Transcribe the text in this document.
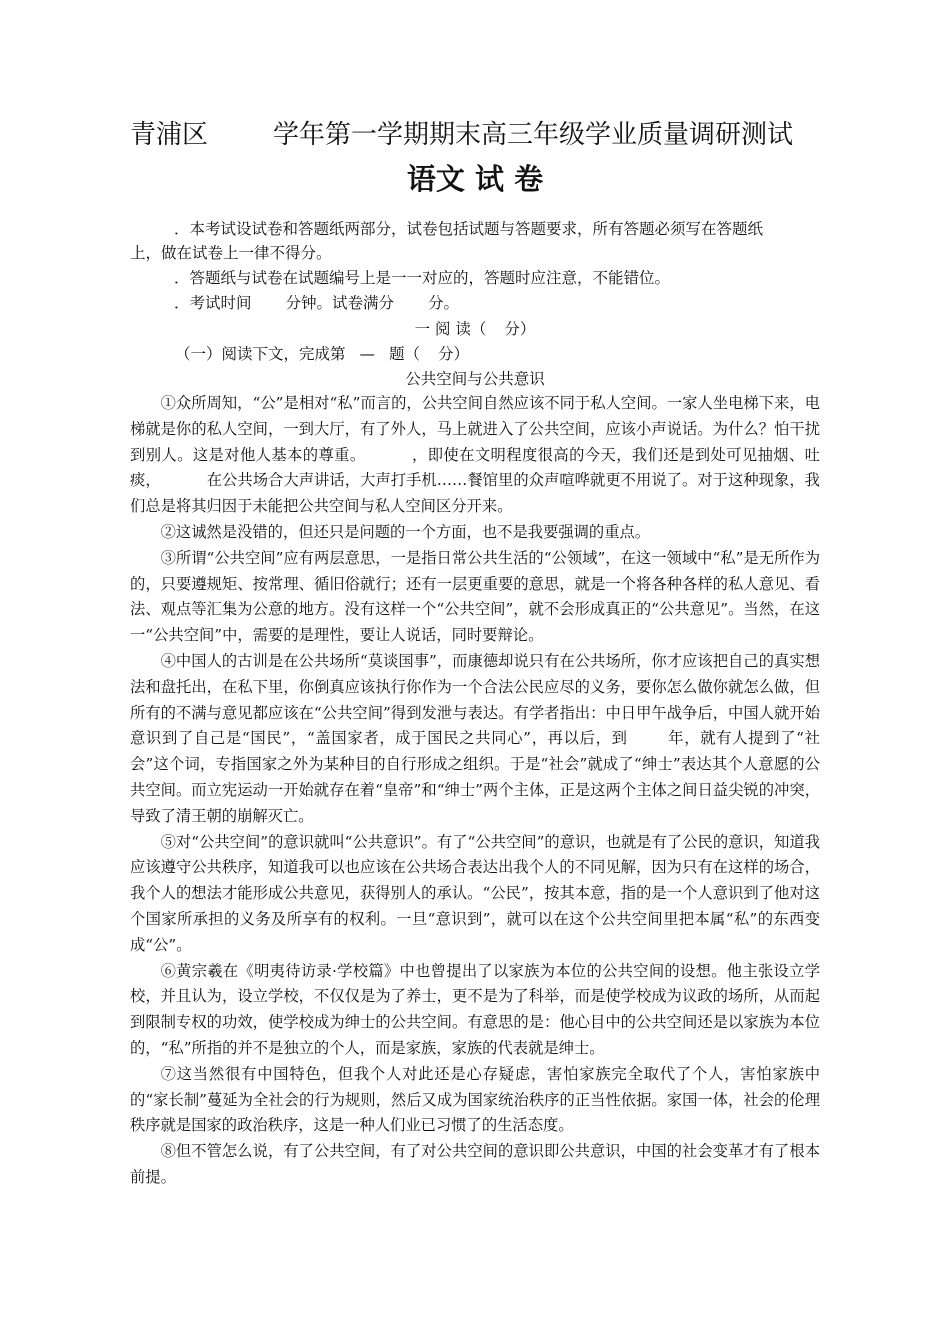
青浦区 学年第一学期期末高三年级学业质量调研测试
语文 试 卷
．本考试设试卷和答题纸两部分，试卷包括试题与答题要求，所有答题必须写在答题纸
上，做在试卷上一律不得分。
．答题纸与试卷在试题编号上是一一对应的，答题时应注意，不能错位。
．考试时间 分钟。试卷满分 分。
一 阅 读（ 分）
（一）阅读下文，完成第 — 题（ 分）
公共空间与公共意识

①众所周知，“公”是相对“私”而言的，公共空间自然应该不同于私人空间。一家人坐电梯下来，电梯就是你的私人空间，一到大厅，有了外人，马上就进入了公共空间，应该小声说话。为什么？怕干扰到别人。这是对他人基本的尊重。	，即使在文明程度很高的今天，我们还是到处可见抽烟、吐痰，	在公共场合大声讲话，大声打手机……餐馆里的众声喧哗就更不用说了。对于这种现象，我们总是将其归因于未能把公共空间与私人空间区分开来。

②这诚然是没错的，但还只是问题的一个方面，也不是我要强调的重点。

③所谓“公共空间”应有两层意思，一是指日常公共生活的“公领域”，在这一领域中“私”是无所作为的，只要遵规矩、按常理、循旧俗就行；还有一层更重要的意思，就是一个将各种各样的私人意见、看法、观点等汇集为公意的地方。没有这样一个“公共空间”，就不会形成真正的“公共意见”。当然，在这一“公共空间”中，需要的是理性，要让人说话，同时要辩论。

④中国人的古训是在公共场所“莫谈国事”，而康德却说只有在公共场所，你才应该把自己的真实想法和盘托出，在私下里，你倒真应该执行你作为一个合法公民应尽的义务，要你怎么做你就怎么做，但所有的不满与意见都应该在“公共空间”得到发泄与表达。有学者指出：中日甲午战争后，中国人就开始意识到了自己是“国民”，“盖国家者，成于国民之共同心”，再以后，到	年，就有人提到了“社会”这个词，专指国家之外为某种目的自行形成之组织。于是“社会”就成了“绅士”表达其个人意愿的公共空间。而立宪运动一开始就存在着“皇帝”和“绅士”两个主体，正是这两个主体之间日益尖锐的冲突，导致了清王朝的崩解灭亡。

⑤对“公共空间”的意识就叫“公共意识”。有了“公共空间”的意识，也就是有了公民的意识，知道我应该遵守公共秩序，知道我可以也应该在公共场合表达出我个人的不同见解，因为只有在这样的场合，我个人的想法才能形成公共意见，获得别人的承认。“公民”，按其本意，指的是一个人意识到了他对这个国家所承担的义务及所享有的权利。一旦“意识到”，就可以在这个公共空间里把本属“私”的东西变成“公”。

⑥黄宗羲在《明夷待访录·学校篇》中也曾提出了以家族为本位的公共空间的设想。他主张设立学校，并且认为，设立学校，不仅仅是为了养士，更不是为了科举，而是使学校成为议政的场所，从而起到限制专权的功效，使学校成为绅士的公共空间。有意思的是：他心目中的公共空间还是以家族为本位的，“私”所指的并不是独立的个人，而是家族，家族的代表就是绅士。

⑦这当然很有中国特色，但我个人对此还是心存疑虑，害怕家族完全取代了个人，害怕家族中的“家长制”蔓延为全社会的行为规则，然后又成为国家统治秩序的正当性依据。家国一体，社会的伦理秩序就是国家的政治秩序，这是一种人们业已习惯了的生活态度。

⑧但不管怎么说，有了公共空间，有了对公共空间的意识即公共意识，中国的社会变革才有了根本前提。
